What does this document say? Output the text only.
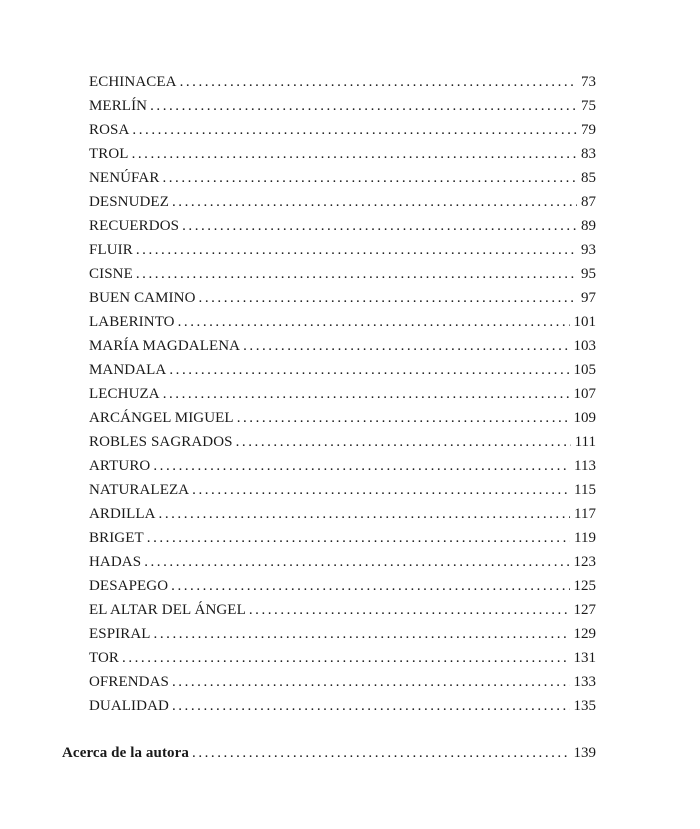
ECHINACEA . . .	73
MERLÍN . . .	75
ROSA . . .	79
TROL . . .	83
NENÚFAR . . .	85
DESNUDEZ . . .	87
RECUERDOS . . .	89
FLUIR . . .	93
CISNE . . .	95
BUEN CAMINO . . .	97
LABERINTO . . .	101
MARÍA MAGDALENA . . .	103
MANDALA . . .	105
LECHUZA . . .	107
ARCÁNGEL MIGUEL . . .	109
ROBLES SAGRADOS . . .	111
ARTURO . . .	113
NATURALEZA . . .	115
ARDILLA . . .	117
BRIGET . . .	119
HADAS . . .	123
DESAPEGO . . .	125
EL ALTAR DEL ÁNGEL . . .	127
ESPIRAL . . .	129
TOR . . .	131
OFRENDAS . . .	133
DUALIDAD . . .	135
Acerca de la autora . . .	139
